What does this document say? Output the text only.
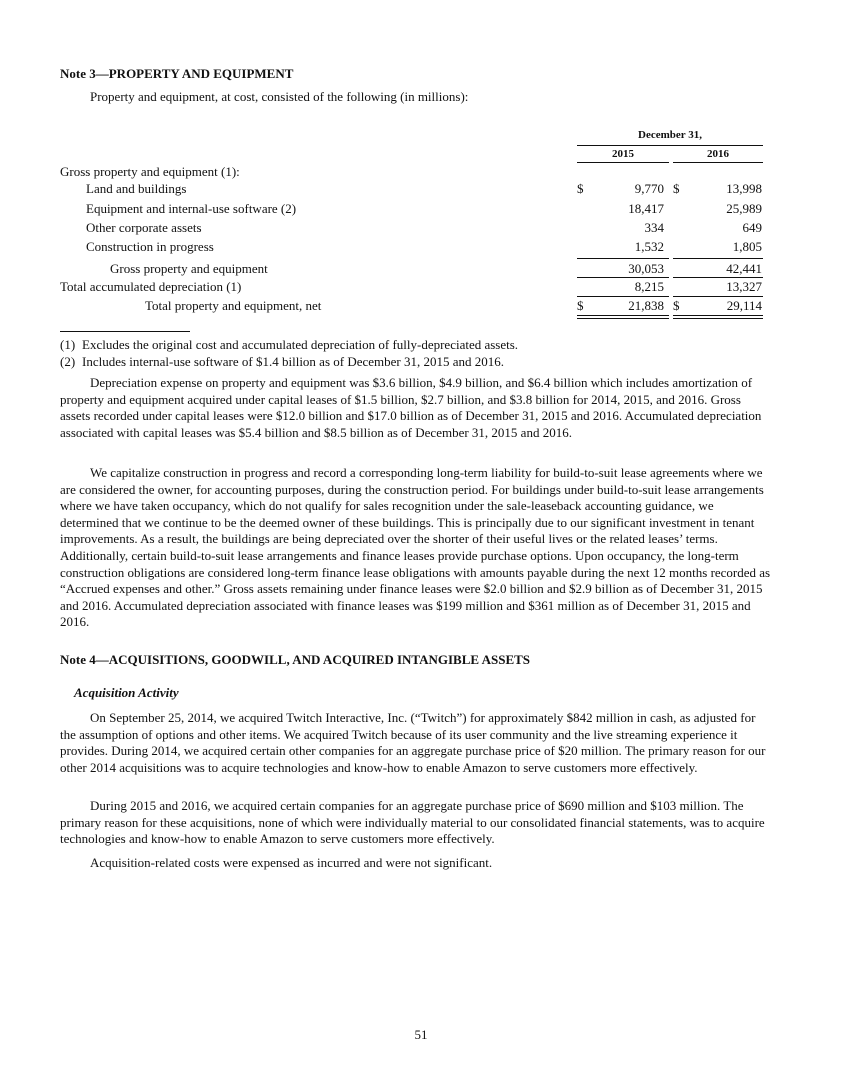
Note 3—PROPERTY AND EQUIPMENT
Property and equipment, at cost, consisted of the following (in millions):
December 31,
2015	2016
Gross property and equipment (1):
Land and buildings	$	9,770 $	13,998
Equipment and internal-use software (2)	18,417	25,989
Other corporate assets	334	649
Construction in progress	1,532	1,805
Gross property and equipment	30,053	42,441
Total accumulated depreciation (1)	8,215	13,327
Total property and equipment, net	$	21,838 $	29,114
(1) Excludes the original cost and accumulated depreciation of fully-depreciated assets.
(2) Includes internal-use software of $1.4 billion as of December 31, 2015 and 2016.

Depreciation expense on property and equipment was $3.6 billion, $4.9 billion, and $6.4 billion which includes amortization of property and equipment acquired under capital leases of $1.5 billion, $2.7 billion, and $3.8 billion for 2014, 2015, and 2016. Gross assets recorded under capital leases were $12.0 billion and $17.0 billion as of December 31, 2015 and 2016. Accumulated depreciation associated with capital leases was $5.4 billion and $8.5 billion as of December 31, 2015 and 2016.

We capitalize construction in progress and record a corresponding long-term liability for build-to-suit lease agreements where we are considered the owner, for accounting purposes, during the construction period. For buildings under build-to-suit lease arrangements where we have taken occupancy, which do not qualify for sales recognition under the sale-leaseback accounting guidance, we determined that we continue to be the deemed owner of these buildings. This is principally due to our significant investment in tenant improvements. As a result, the buildings are being depreciated over the shorter of their useful lives or the related leases’ terms. Additionally, certain build-to-suit lease arrangements and finance leases provide purchase options. Upon occupancy, the long-term construction obligations are considered long-term finance lease obligations with amounts payable during the next 12 months recorded as “Accrued expenses and other.” Gross assets remaining under finance leases were $2.0 billion and $2.9 billion as of December 31, 2015 and 2016. Accumulated depreciation associated with finance leases was $199 million and $361 million as of December 31, 2015 and 2016.

Note 4—ACQUISITIONS, GOODWILL, AND ACQUIRED INTANGIBLE ASSETS
Acquisition Activity

On September 25, 2014, we acquired Twitch Interactive, Inc. (“Twitch”) for approximately $842 million in cash, as adjusted for the assumption of options and other items. We acquired Twitch because of its user community and the live streaming experience it provides. During 2014, we acquired certain other companies for an aggregate purchase price of $20 million. The primary reason for our other 2014 acquisitions was to acquire technologies and know-how to enable Amazon to serve customers more effectively.

During 2015 and 2016, we acquired certain companies for an aggregate purchase price of $690 million and $103 million. The primary reason for these acquisitions, none of which were individually material to our consolidated financial statements, was to acquire technologies and know-how to enable Amazon to serve customers more effectively.

Acquisition-related costs were expensed as incurred and were not significant.

51
